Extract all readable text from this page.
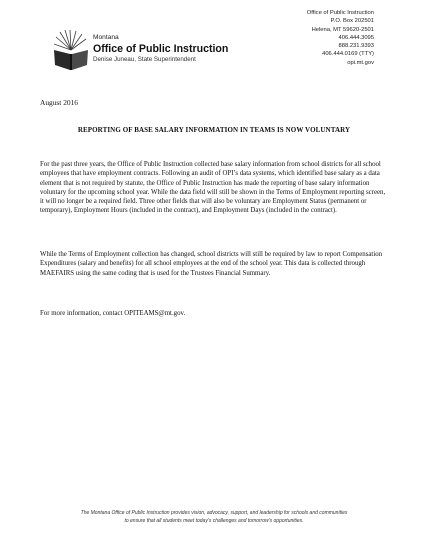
Montana
Office of Public Instruction
Denise Juneau, State Superintendent
Office of Public Instruction
P.O. Box 202501
Helena, MT 59620-2501
406.444.3095
888.231.9393
406.444.0169 (TTY)
opi.mt.gov
August 2016
REPORTING OF BASE SALARY INFORMATION IN TEAMS IS NOW VOLUNTARY

For the past three years, the Office of Public Instruction collected base salary information from school districts for all school employees that have employment contracts. Following an audit of OPI’s data systems, which identified base salary as a data element that is not required by statute, the Office of Public Instruction has made the reporting of base salary information voluntary for the upcoming school year. While the data field will still be shown in the Terms of Employment reporting screen, it will no longer be a required field. Three other fields that will also be voluntary are Employment Status (permanent or temporary), Employment Hours (included in the contract), and Employment Days (included in the contract).

While the Terms of Employment collection has changed, school districts will still be required by law to report Compensation Expenditures (salary and benefits) for all school employees at the end of the school year. This data is collected through MAEFAIRS using the same coding that is used for the Trustees Financial Summary.

For more information, contact OPITEAMS@mt.gov.

The Montana Office of Public Instruction provides vision, advocacy, support, and leadership for schools and communities
to ensure that all students meet today’s challenges and tomorrow’s opportunities.
